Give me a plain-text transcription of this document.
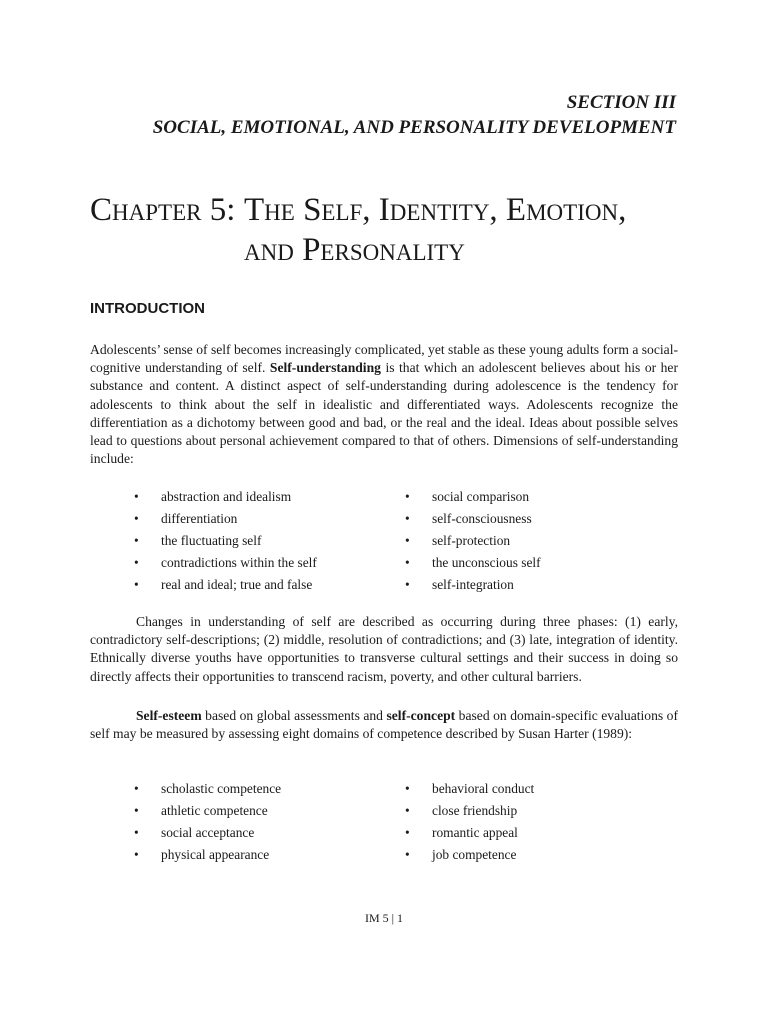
SECTION III
SOCIAL, EMOTIONAL, AND PERSONALITY DEVELOPMENT
Chapter 5: The Self, Identity, Emotion, and Personality
INTRODUCTION

Adolescents’ sense of self becomes increasingly complicated, yet stable as these young adults form a social-cognitive understanding of self. Self-understanding is that which an adolescent believes about his or her substance and content. A distinct aspect of self-understanding during adolescence is the tendency for adolescents to think about the self in idealistic and differentiated ways. Adolescents recognize the differentiation as a dichotomy between good and bad, or the real and the ideal. Ideas about possible selves lead to questions about personal achievement compared to that of others. Dimensions of self-understanding include:

• abstraction and idealism
• differentiation
• the fluctuating self
• contradictions within the self
• real and ideal; true and false
• social comparison
• self-consciousness
• self-protection
• the unconscious self
• self-integration

Changes in understanding of self are described as occurring during three phases: (1) early, contradictory self-descriptions; (2) middle, resolution of contradictions; and (3) late, integration of identity. Ethnically diverse youths have opportunities to transverse cultural settings and their success in doing so directly affects their opportunities to transcend racism, poverty, and other cultural barriers.

Self-esteem based on global assessments and self-concept based on domain-specific evaluations of self may be measured by assessing eight domains of competence described by Susan Harter (1989):

• scholastic competence
• athletic competence
• social acceptance
• physical appearance
• behavioral conduct
• close friendship
• romantic appeal
• job competence
IM 5 | 1
